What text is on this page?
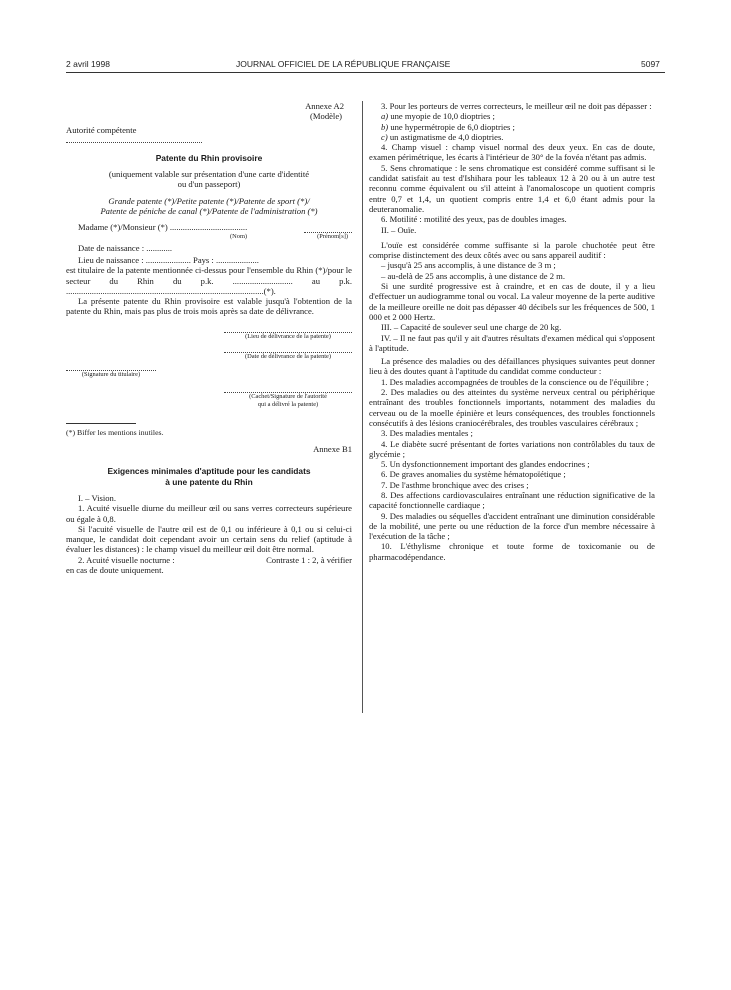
2 avril 1998	JOURNAL OFFICIEL DE LA RÉPUBLIQUE FRANÇAISE	5097

Annexe A2

(Modèle)

Autorité compétente

Patente du Rhin provisoire

(uniquement valable sur présentation d'une carte d'identité

ou d'un passeport)

Grande patente (*)/Petite patente (*)/Patente de sport (*)/

Patente de péniche de canal (*)/Patente de l'administration (*)

Madame (*)/Monsieur (*) ....................................
(Nom)	(Prénom[s])

Date de naissance : ............

Lieu de naissance : ..................... Pays : ....................

est titulaire de la patente mentionnée ci-dessus pour l'ensemble du Rhin (*)/pour le secteur du Rhin du p.k. ............................ au p.k. ............................................................................................(*).

La présente patente du Rhin provisoire est valable jusqu'à l'obtention de la patente du Rhin, mais pas plus de trois mois après sa date de délivrance.

(Lieu de délivrance de la patente)

(Date de délivrance de la patente)

(Signature du titulaire)

(Cachet/Signature de l'autorité

qui a délivré la patente)

(*) Biffer les mentions inutiles.

Annexe B1

Exigences minimales d'aptitude pour les candidats

à une patente du Rhin

I. – Vision.

1. Acuité visuelle diurne du meilleur œil ou sans verres correcteurs supérieure ou égale à 0,8.

Si l'acuité visuelle de l'autre œil est de 0,1 ou inférieure à 0,1 ou si celui-ci manque, le candidat doit cependant avoir un certain sens du relief (aptitude à évaluer les distances) : le champ visuel du meilleur œil doit être normal.

2. Acuité visuelle nocturne :	Contraste 1 : 2, à vérifier

en cas de doute uniquement.

3. Pour les porteurs de verres correcteurs, le meilleur œil ne doit pas dépasser :

a) une myopie de 10,0 dioptries ;

b) une hypermétropie de 6,0 dioptries ;

c) un astigmatisme de 4,0 dioptries.

4. Champ visuel : champ visuel normal des deux yeux. En cas de doute, examen périmétrique, les écarts à l'intérieur de 30° de la fovéa n'étant pas admis.

5. Sens chromatique : le sens chromatique est considéré comme suffisant si le candidat satisfait au test d'Ishihara pour les tableaux 12 à 20 ou à un autre test reconnu comme équivalent ou s'il atteint à l'anomaloscope un quotient compris entre 0,7 et 1,4, un quotient compris entre 1,4 et 6,0 étant admis pour la deuteranomalie.

6. Motilité : motilité des yeux, pas de doubles images.

II. – Ouïe.

L'ouïe est considérée comme suffisante si la parole chuchotée peut être comprise distinctement des deux côtés avec ou sans appareil auditif :

– jusqu'à 25 ans accomplis, à une distance de 3 m ;

– au-delà de 25 ans accomplis, à une distance de 2 m.

Si une surdité progressive est à craindre, et en cas de doute, il y a lieu d'effectuer un audiogramme tonal ou vocal. La valeur moyenne de la perte auditive de la meilleure oreille ne doit pas dépasser 40 décibels sur les fréquences de 500, 1 000 et 2 000 Hertz.

III. – Capacité de soulever seul une charge de 20 kg.

IV. – Il ne faut pas qu'il y ait d'autres résultats d'examen médical qui s'opposent à l'aptitude.

La présence des maladies ou des défaillances physiques suivantes peut donner lieu à des doutes quant à l'aptitude du candidat comme conducteur :

1. Des maladies accompagnées de troubles de la conscience ou de l'équilibre ;

2. Des maladies ou des atteintes du système nerveux central ou périphérique entraînant des troubles fonctionnels importants, notamment des maladies du cerveau ou de la moelle épinière et leurs conséquences, des troubles fonctionnels consécutifs à des lésions craniocérébrales, des troubles vasculaires cérébraux ;

3. Des maladies mentales ;

4. Le diabète sucré présentant de fortes variations non contrôlables du taux de glycémie ;

5. Un dysfonctionnement important des glandes endocrines ;

6. De graves anomalies du système hématopoïétique ;

7. De l'asthme bronchique avec des crises ;

8. Des affections cardiovasculaires entraînant une réduction significative de la capacité fonctionnelle cardiaque ;

9. Des maladies ou séquelles d'accident entraînant une diminution considérable de la mobilité, une perte ou une réduction de la force d'un membre nécessaire à l'exécution de la tâche ;

10. L'éthylisme chronique et toute forme de toxicomanie ou de pharmacodépendance.
